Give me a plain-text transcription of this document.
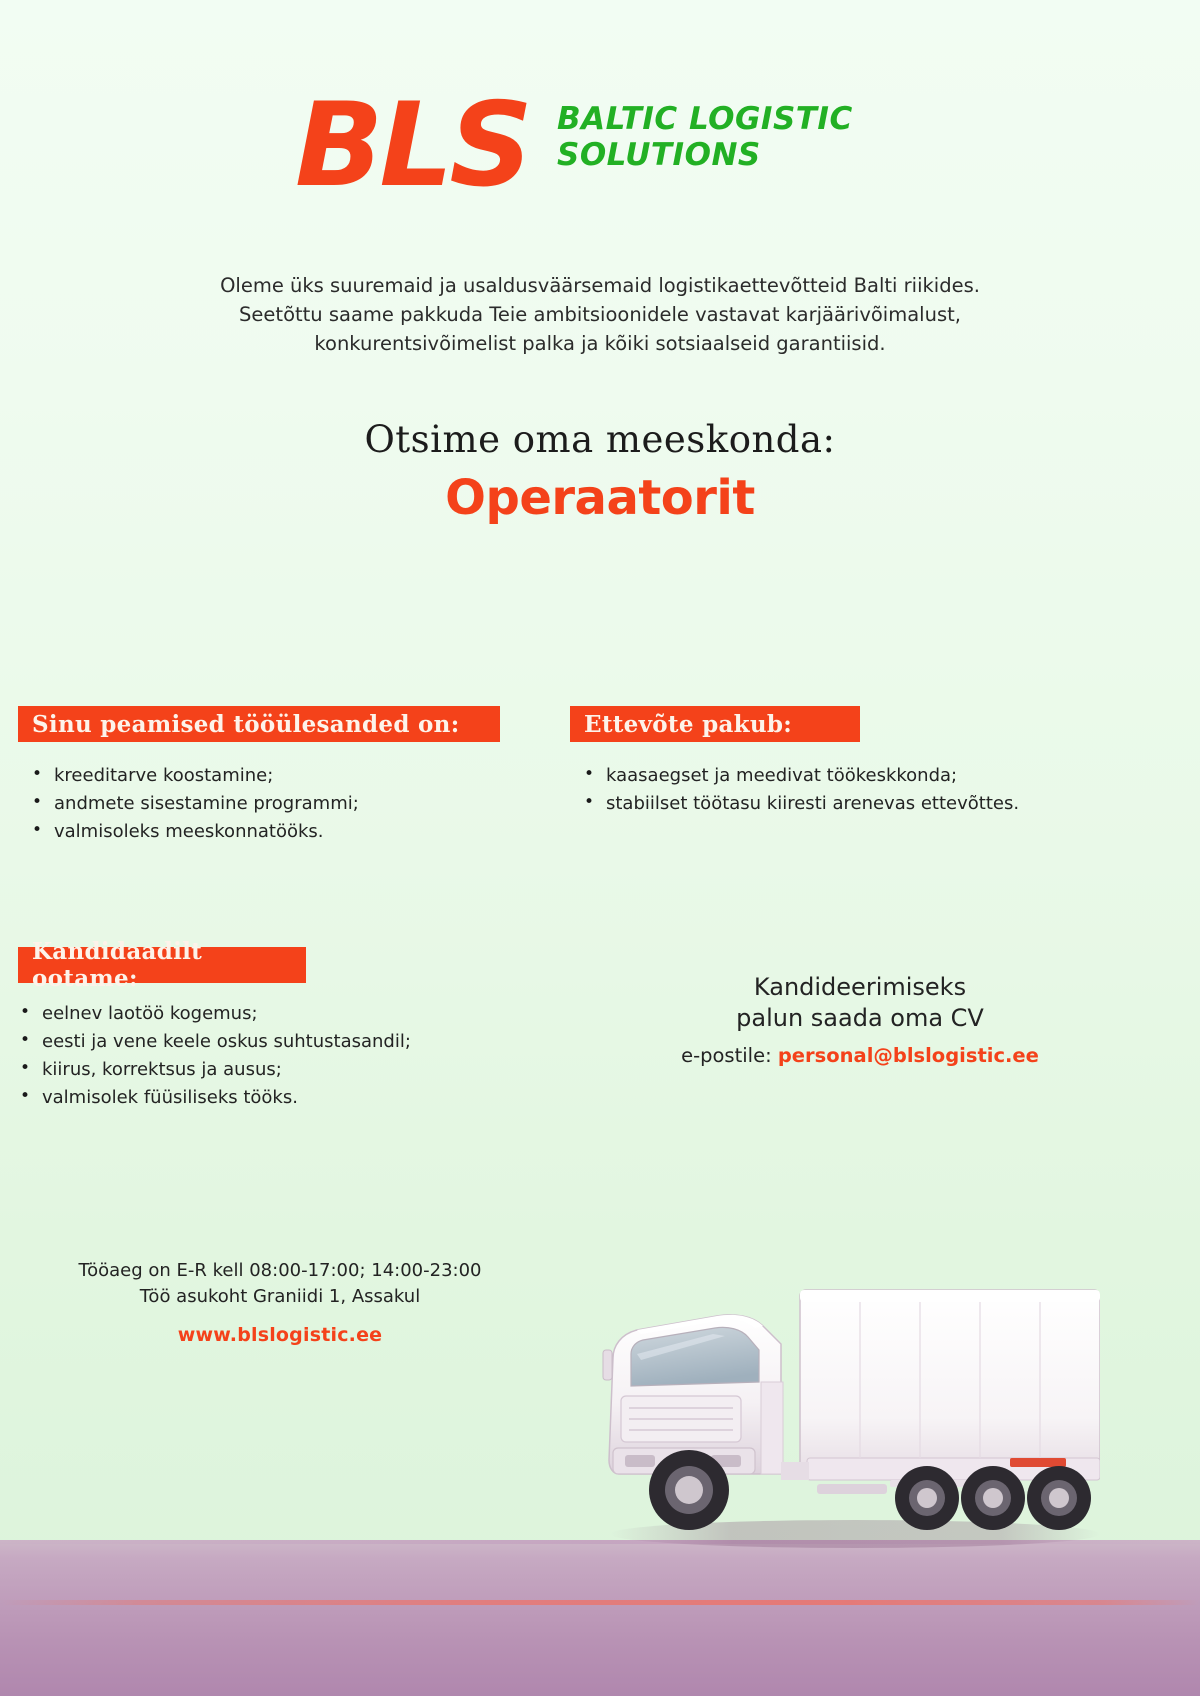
BLS BALTIC LOGISTIC
SOLUTIONS
Oleme üks suuremaid ja usaldusväärsemaid logistikaettevõtteid Balti riikides.
Seetõttu saame pakkuda Teie ambitsioonidele vastavat karjäärivõimalust,
konkurentsivõimelist palka ja kõiki sotsiaalseid garantiisid.
Otsime oma meeskonda:
Operaatorit
Sinu peamised tööülesanded on:
• kreeditarve koostamine;
• andmete sisestamine programmi;
• valmisoleks meeskonnatööks.
Ettevõte pakub:
• kaasaegset ja meedivat töökeskkonda;
• stabiilset töötasu kiiresti arenevas ettevõttes.
Kandidaadilt ootame:
• eelnev laotöö kogemus;
• eesti ja vene keele oskus suhtustasandil;
• kiirus, korrektsus ja ausus;
• valmisolek füüsiliseks tööks.
Kandideerimiseks
palun saada oma CV
e-postile: personal@blslogistic.ee
Tööaeg on E-R kell 08:00-17:00; 14:00-23:00
Töö asukoht Graniidi 1, Assakul
www.blslogistic.ee
